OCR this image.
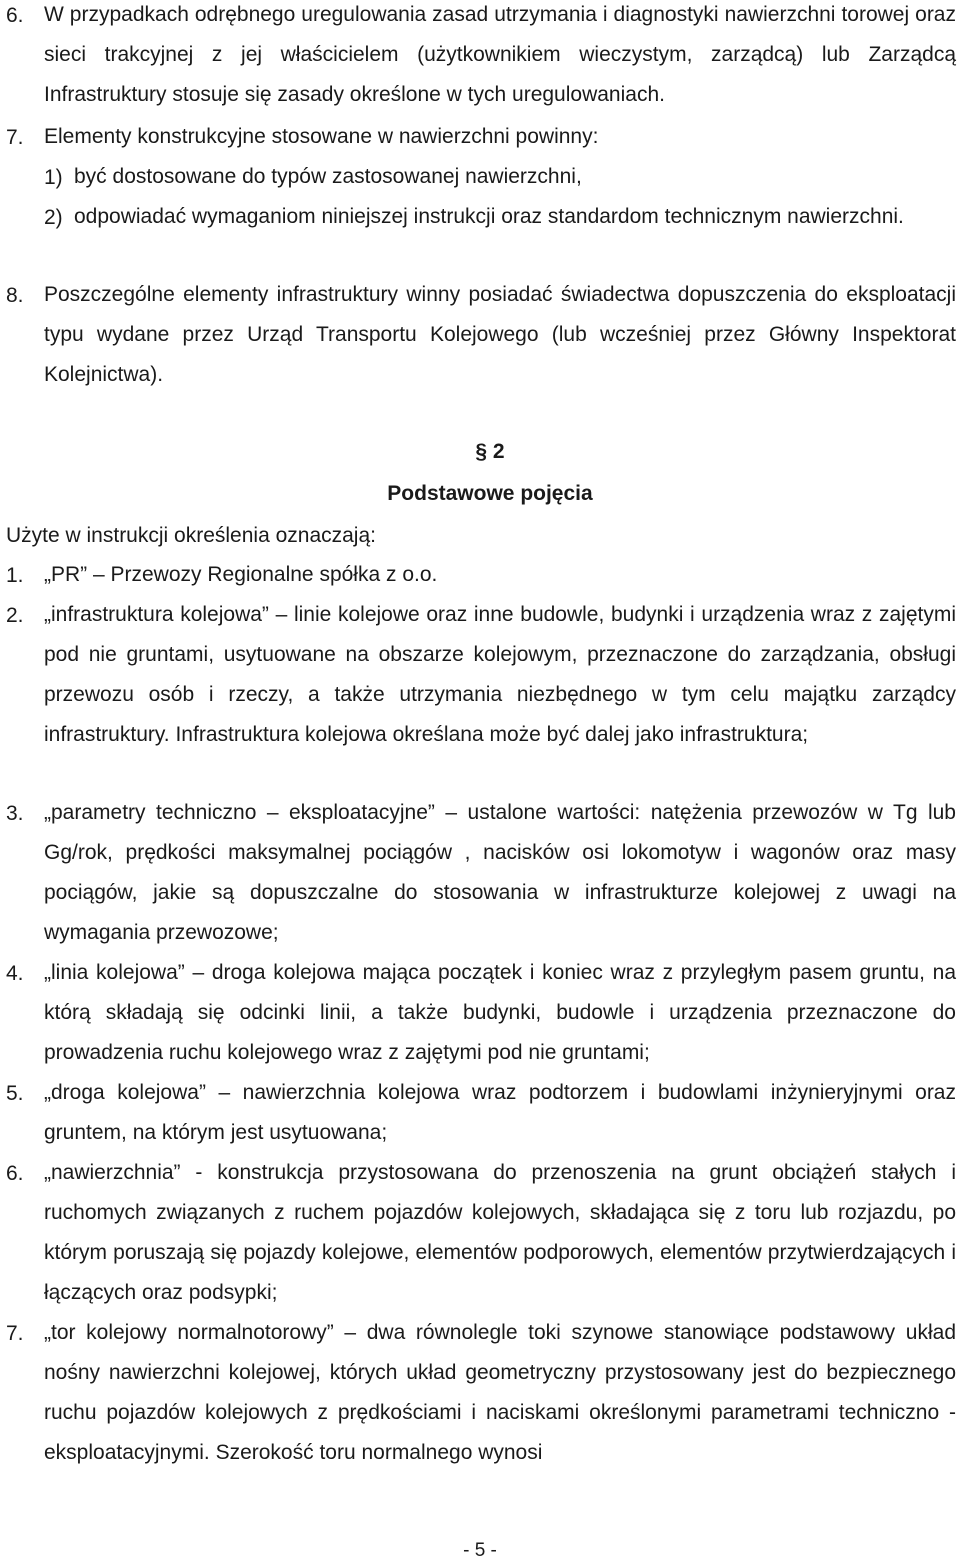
6. W przypadkach odrębnego uregulowania zasad utrzymania i diagnostyki nawierzchni torowej oraz sieci trakcyjnej z jej właścicielem (użytkownikiem wieczystym, zarządcą) lub Zarządcą Infrastruktury stosuje się zasady określone w tych uregulowaniach.
7. Elementy konstrukcyjne stosowane w nawierzchni powinny:
1) być dostosowane do typów zastosowanej nawierzchni,
2) odpowiadać wymaganiom niniejszej instrukcji oraz standardom technicznym nawierzchni.
8. Poszczególne elementy infrastruktury winny posiadać świadectwa dopuszczenia do eksploatacji typu wydane przez Urząd Transportu Kolejowego (lub wcześniej przez Główny Inspektorat Kolejnictwa).
§ 2
Podstawowe pojęcia
Użyte w instrukcji określenia oznaczają:
1. „PR” – Przewozy Regionalne spółka z o.o.
2. „infrastruktura kolejowa” – linie kolejowe oraz inne budowle, budynki i urządzenia wraz z zajętymi pod nie gruntami, usytuowane na obszarze kolejowym, przeznaczone do zarządzania, obsługi przewozu osób i rzeczy, a także utrzymania niezbędnego w tym celu majątku zarządcy infrastruktury. Infrastruktura kolejowa określana może być dalej jako infrastruktura;
3. „parametry techniczno – eksploatacyjne” – ustalone wartości: natężenia przewozów w Tg lub Gg/rok, prędkości maksymalnej pociągów , nacisków osi lokomotyw i wagonów oraz masy pociągów, jakie są dopuszczalne do stosowania w infrastrukturze kolejowej z uwagi na wymagania przewozowe;
4. „linia kolejowa” – droga kolejowa mająca początek i koniec wraz z przyległym pasem gruntu, na którą składają się odcinki linii, a także budynki, budowle i urządzenia przeznaczone do prowadzenia ruchu kolejowego wraz z zajętymi pod nie gruntami;
5. „droga kolejowa” – nawierzchnia kolejowa wraz podtorzem i budowlami inżynieryjnymi oraz gruntem, na którym jest usytuowana;
6. „nawierzchnia” - konstrukcja przystosowana do przenoszenia na grunt obciążeń stałych i ruchomych związanych z ruchem pojazdów kolejowych, składająca się z toru lub rozjazdu, po którym poruszają się pojazdy kolejowe, elementów podporowych, elementów przytwierdzających i łączących oraz podsypki;
7. „tor kolejowy normalnotorowy” – dwa równolegle toki szynowe stanowiące podstawowy układ nośny nawierzchni kolejowej, których układ geometryczny przystosowany jest do bezpiecznego ruchu pojazdów kolejowych z prędkościami i naciskami określonymi parametrami techniczno - eksploatacyjnymi. Szerokość toru normalnego wynosi
- 5 -
